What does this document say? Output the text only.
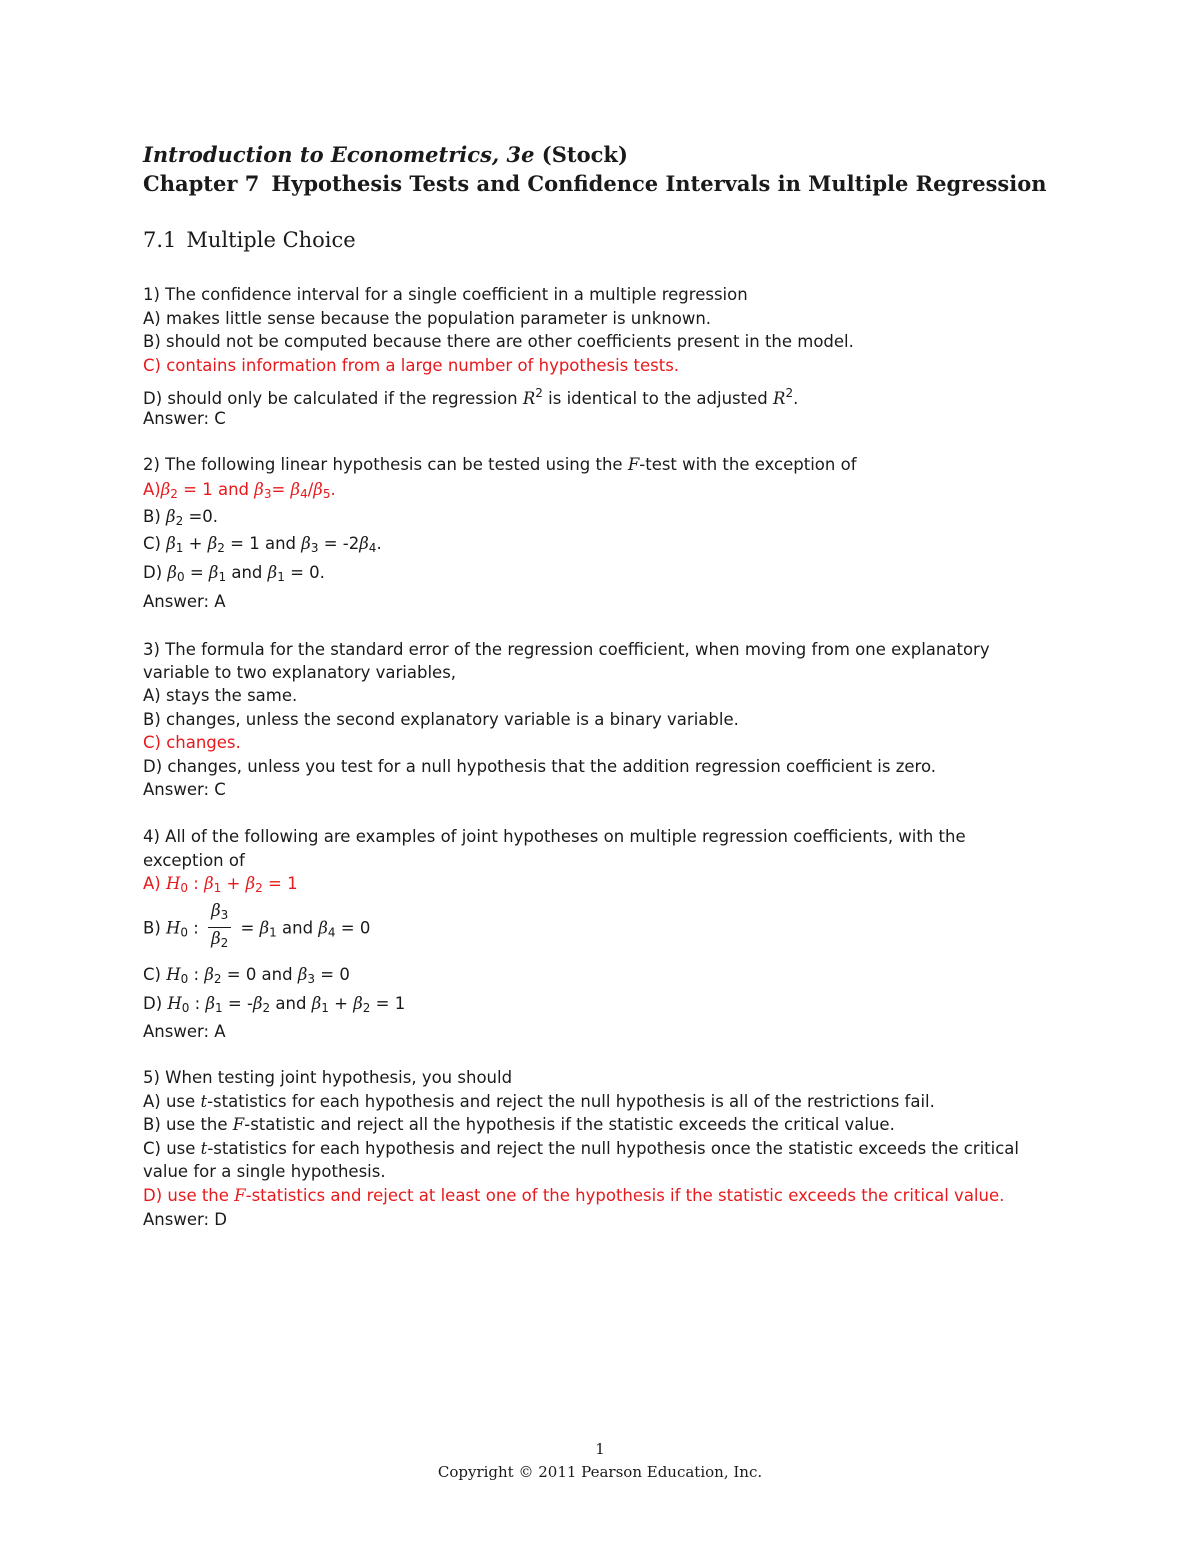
Introduction to Econometrics, 3e (Stock)
Chapter 7 Hypothesis Tests and Confidence Intervals in Multiple Regression
7.1 Multiple Choice
1) The confidence interval for a single coefficient in a multiple regression
A) makes little sense because the population parameter is unknown.
B) should not be computed because there are other coefficients present in the model.
C) contains information from a large number of hypothesis tests.
D) should only be calculated if the regression $R^2$ is identical to the adjusted $R^2$.
Answer: C
2) The following linear hypothesis can be tested using the F-test with the exception of
$A)\beta_2 = 1$ and $\beta_3= \beta_4/\beta_5$.
B) $\beta_2 =0$.
C) $\beta_1 + \beta_2 = 1$ and $\beta_3 = -2\beta_4$.
D) $\beta_0 = \beta_1$ and $\beta_1 = 0$.
Answer: A
3) The formula for the standard error of the regression coefficient, when moving from one explanatory
variable to two explanatory variables,
A) stays the same.
B) changes, unless the second explanatory variable is a binary variable.
C) changes.
D) changes, unless you test for a null hypothesis that the addition regression coefficient is zero.
Answer: C
4) All of the following are examples of joint hypotheses on multiple regression coefficients, with the
exception of
A) $H_0$ : $\beta_1 + \beta_2 = 1$
B) $H_0$ : $\frac{\beta_3}{\beta_2} = \beta_1$ and $\beta_4 = 0$
C) $H_0$ : $\beta_2 = 0$ and $\beta_3 = 0$
D) $H_0$ : $\beta_1 = -\beta_2$ and $\beta_1 + \beta_2 = 1$
Answer: A
5) When testing joint hypothesis, you should
A) use t-statistics for each hypothesis and reject the null hypothesis is all of the restrictions fail.
B) use the F-statistic and reject all the hypothesis if the statistic exceeds the critical value.
C) use t-statistics for each hypothesis and reject the null hypothesis once the statistic exceeds the critical
value for a single hypothesis.
D) use the F-statistics and reject at least one of the hypothesis if the statistic exceeds the critical value.
Answer: D
1
Copyright © 2011 Pearson Education, Inc.
